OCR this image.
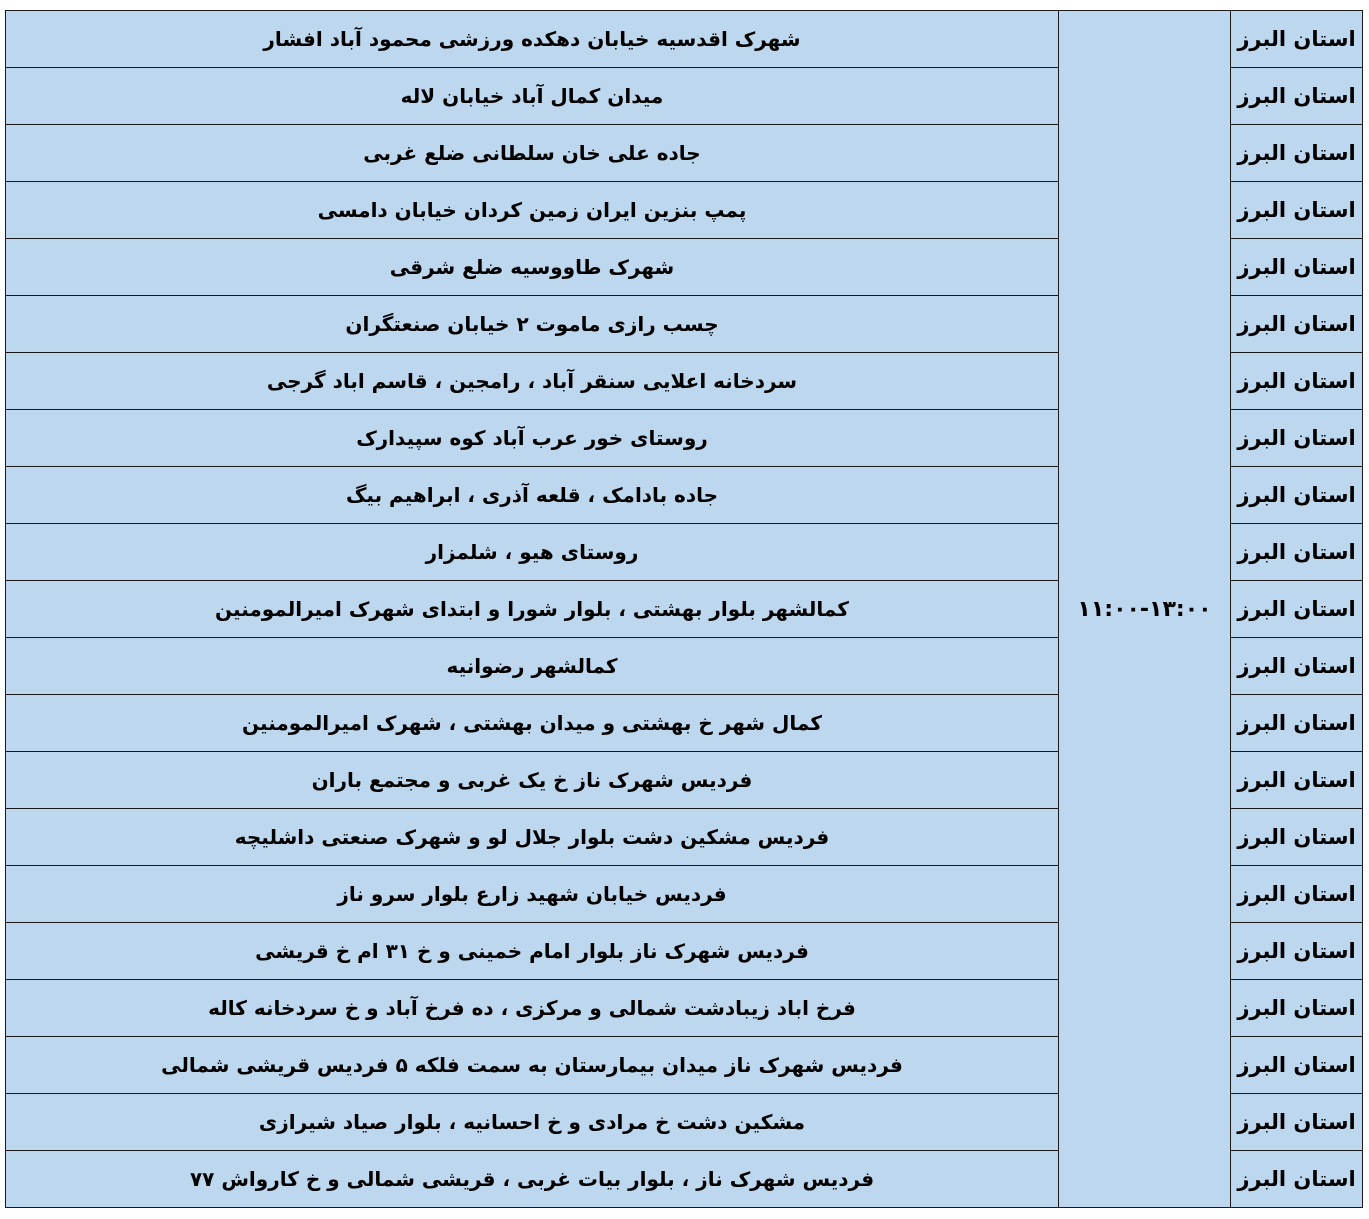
استان البرز	۱۱:۰۰-۱۳:۰۰	شهرک اقدسیه خیابان دهکده ورزشی محمود آباد افشار
استان البرز		میدان کمال آباد خیابان لاله
استان البرز		جاده علی خان سلطانی ضلع غربی
استان البرز		پمپ بنزین ایران زمین کردان خیابان دامسی
استان البرز		شهرک طاووسیه ضلع شرقی
استان البرز		چسب رازی ماموت ۲ خیابان صنعتگران
استان البرز		سردخانه اعلایی سنقر آباد ، رامجین ، قاسم اباد گرجی
استان البرز		روستای خور عرب آباد کوه سپیدارک
استان البرز		جاده بادامک ، قلعه آذری ، ابراهیم بیگ
استان البرز		روستای هیو ، شلمزار
استان البرز		کمالشهر بلوار بهشتی ، بلوار شورا و ابتدای شهرک امیرالمومنین
استان البرز		کمالشهر رضوانیه
استان البرز		کمال شهر خ بهشتی و میدان بهشتی ، شهرک امیرالمومنین
استان البرز		فردیس شهرک ناز خ یک غربی و مجتمع باران
استان البرز		فردیس مشکین دشت بلوار جلال لو و شهرک صنعتی داشلیچه
استان البرز		فردیس خیابان شهید زارع بلوار سرو ناز
استان البرز		فردیس شهرک ناز بلوار امام خمینی و خ ۳۱ ام خ قریشی
استان البرز		فرخ اباد زیبادشت شمالی و مرکزی ، ده فرخ آباد و خ سردخانه کاله
استان البرز		فردیس شهرک ناز میدان بیمارستان به سمت فلکه ۵ فردیس قریشی شمالی
استان البرز		مشکین دشت خ مرادی و خ احسانیه ، بلوار صیاد شیرازی
استان البرز		فردیس شهرک ناز ، بلوار بیات غربی ، قریشی شمالی و خ کارواش ۷۷
